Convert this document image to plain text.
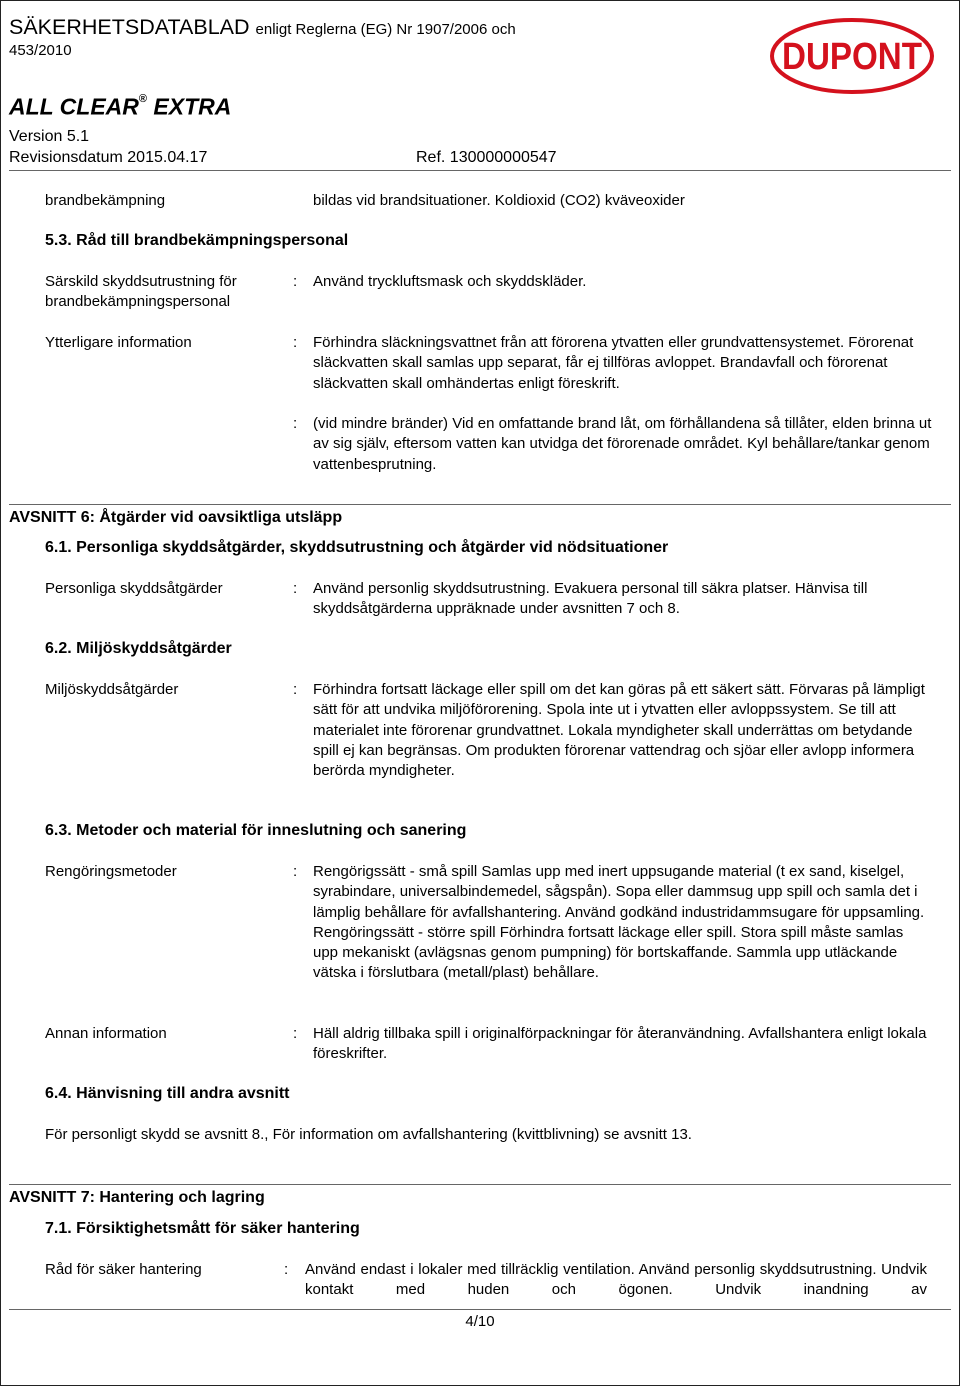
SÄKERHETSDATABLAD enligt Reglerna (EG) Nr 1907/2006 och
453/2010
ALL CLEAR® EXTRA
Version 5.1
Revisionsdatum 2015.04.17	Ref. 130000000547
DUPONT
brandbekämpning	bildas vid brandsituationer. Koldioxid (CO2) kväveoxider
5.3. Råd till brandbekämpningspersonal
Särskild skyddsutrustning för brandbekämpningspersonal
: Använd tryckluftsmask och skyddskläder.
Ytterligare information	: Förhindra släckningsvattnet från att förorena ytvatten eller grundvattensystemet. Förorenat släckvatten skall samlas upp separat, får ej tillföras avloppet. Brandavfall och förorenat släckvatten skall omhändertas enligt föreskrift.
: (vid mindre bränder) Vid en omfattande brand låt, om förhållandena så tillåter, elden brinna ut av sig själv, eftersom vatten kan utvidga det förorenade området. Kyl behållare/tankar genom vattenbesprutning.
AVSNITT 6: Åtgärder vid oavsiktliga utsläpp
6.1. Personliga skyddsåtgärder, skyddsutrustning och åtgärder vid nödsituationer
Personliga skyddsåtgärder	: Använd personlig skyddsutrustning. Evakuera personal till säkra platser. Hänvisa till skyddsåtgärderna uppräknade under avsnitten 7 och 8.
6.2. Miljöskyddsåtgärder
Miljöskyddsåtgärder	: Förhindra fortsatt läckage eller spill om det kan göras på ett säkert sätt. Förvaras på lämpligt sätt för att undvika miljöförorening. Spola inte ut i ytvatten eller avloppssystem. Se till att materialet inte förorenar grundvattnet. Lokala myndigheter skall underrättas om betydande spill ej kan begränsas. Om produkten förorenar vattendrag och sjöar eller avlopp informera berörda myndigheter.
6.3. Metoder och material för inneslutning och sanering
Rengöringsmetoder	: Rengörigssätt - små spill Samlas upp med inert uppsugande material (t ex sand, kiselgel, syrabindare, universalbindemedel, sågspån). Sopa eller dammsug upp spill och samla det i lämplig behållare för avfallshantering. Använd godkänd industridammsugare för uppsamling. Rengöringssätt - större spill Förhindra fortsatt läckage eller spill. Stora spill måste samlas upp mekaniskt (avlägsnas genom pumpning) för bortskaffande. Sammla upp utläckande vätska i förslutbara (metall/plast) behållare.
Annan information	: Häll aldrig tillbaka spill i originalförpackningar för återanvändning. Avfallshantera enligt lokala föreskrifter.
6.4. Hänvisning till andra avsnitt
För personligt skydd se avsnitt 8., För information om avfallshantering (kvittblivning) se avsnitt 13.
AVSNITT 7: Hantering och lagring
7.1. Försiktighetsmått för säker hantering
Råd för säker hantering	: Använd endast i lokaler med tillräcklig ventilation. Använd personlig skyddsutrustning. Undvik kontakt med huden och ögonen. Undvik inandning av
4/10
